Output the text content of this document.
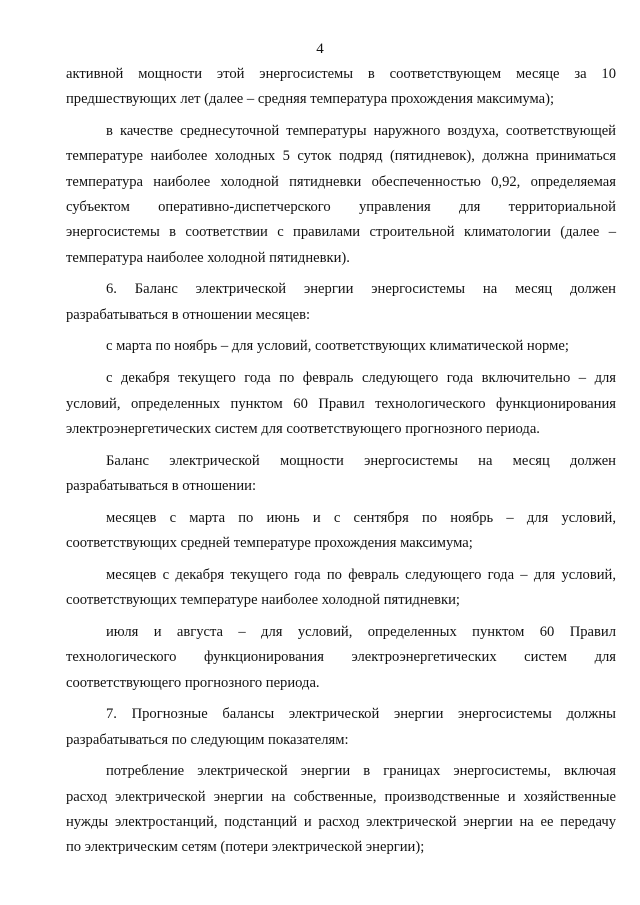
4
активной мощности этой энергосистемы в соответствующем месяце за 10
предшествующих лет (далее – средняя температура прохождения максимума);
в качестве среднесуточной температуры наружного воздуха, соответствующей
температуре наиболее холодных 5 суток подряд (пятидневок), должна приниматься
температура наиболее холодной пятидневки обеспеченностью 0,92, определяемая
субъектом оперативно-диспетчерского управления для территориальной
энергосистемы в соответствии с правилами строительной климатологии (далее –
температура наиболее холодной пятидневки).
6. Баланс электрической энергии энергосистемы на месяц должен
разрабатываться в отношении месяцев:
с марта по ноябрь – для условий, соответствующих климатической норме;
с декабря текущего года по февраль следующего года включительно – для
условий, определенных пунктом 60 Правил технологического функционирования
электроэнергетических систем для соответствующего прогнозного периода.
Баланс электрической мощности энергосистемы на месяц должен
разрабатываться в отношении:
месяцев с марта по июнь и с сентября по ноябрь – для условий,
соответствующих средней температуре прохождения максимума;
месяцев с декабря текущего года по февраль следующего года – для условий,
соответствующих температуре наиболее холодной пятидневки;
июля и августа – для условий, определенных пунктом 60 Правил
технологического функционирования электроэнергетических систем для
соответствующего прогнозного периода.
7. Прогнозные балансы электрической энергии энергосистемы должны
разрабатываться по следующим показателям:
потребление электрической энергии в границах энергосистемы, включая
расход электрической энергии на собственные, производственные и хозяйственные
нужды электростанций, подстанций и расход электрической энергии на ее передачу
по электрическим сетям (потери электрической энергии);
